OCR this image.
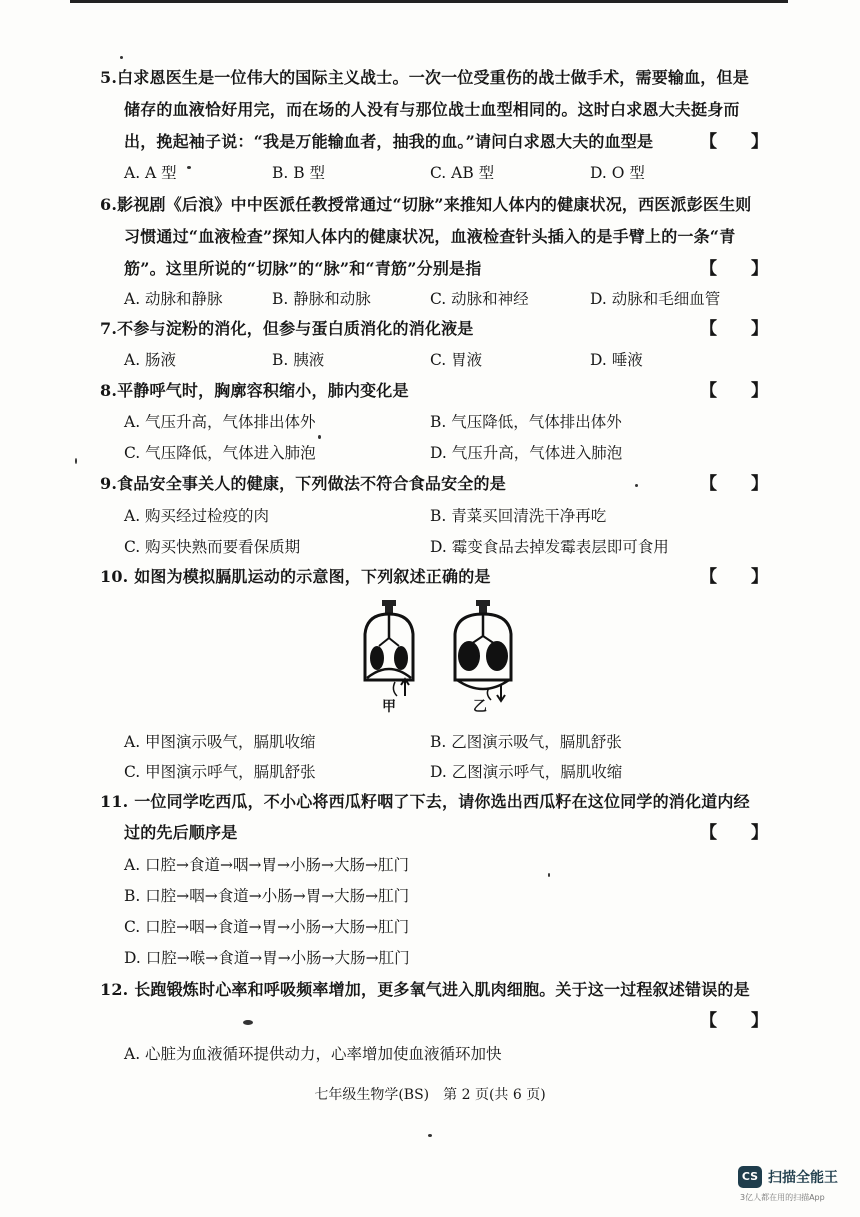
5.白求恩医生是一位伟大的国际主义战士。一次一位受重伤的战士做手术，需要输血，但是
储存的血液恰好用完，而在场的人没有与那位战士血型相同的。这时白求恩大夫挺身而
出，挽起袖子说：“我是万能输血者，抽我的血。”请问白求恩大夫的血型是	【　　】
A. A 型	B. B 型	C. AB 型	D. O 型
6.影视剧《后浪》中中医派任教授常通过“切脉”来推知人体内的健康状况，西医派彭医生则
习惯通过“血液检查”探知人体内的健康状况，血液检查针头插入的是手臂上的一条“青
筋”。这里所说的“切脉”的“脉”和“青筋”分别是指	【　　】
A. 动脉和静脉	B. 静脉和动脉	C. 动脉和神经	D. 动脉和毛细血管
7.不参与淀粉的消化，但参与蛋白质消化的消化液是	【　　】
A. 肠液	B. 胰液	C. 胃液	D. 唾液
8.平静呼气时，胸廓容积缩小，肺内变化是	【　　】
A. 气压升高，气体排出体外	B. 气压降低，气体排出体外
C. 气压降低，气体进入肺泡	D. 气压升高，气体进入肺泡
9.食品安全事关人的健康，下列做法不符合食品安全的是	【　　】
A. 购买经过检疫的肉	B. 青菜买回清洗干净再吃
C. 购买快熟而要看保质期	D. 霉变食品去掉发霉表层即可食用
10. 如图为模拟膈肌运动的示意图，下列叙述正确的是	【　　】
甲	乙
A. 甲图演示吸气，膈肌收缩	B. 乙图演示吸气，膈肌舒张
C. 甲图演示呼气，膈肌舒张	D. 乙图演示呼气，膈肌收缩
11. 一位同学吃西瓜，不小心将西瓜籽咽了下去，请你选出西瓜籽在这位同学的消化道内经
过的先后顺序是	【　　】
A. 口腔→食道→咽→胃→小肠→大肠→肛门
B. 口腔→咽→食道→小肠→胃→大肠→肛门
C. 口腔→咽→食道→胃→小肠→大肠→肛门
D. 口腔→喉→食道→胃→小肠→大肠→肛门
12. 长跑锻炼时心率和呼吸频率增加，更多氧气进入肌肉细胞。关于这一过程叙述错误的是
【　　】
A. 心脏为血液循环提供动力，心率增加使血液循环加快
七年级生物学(BS)　第 2 页(共 6 页)
CS 扫描全能王
3亿人都在用的扫描App
